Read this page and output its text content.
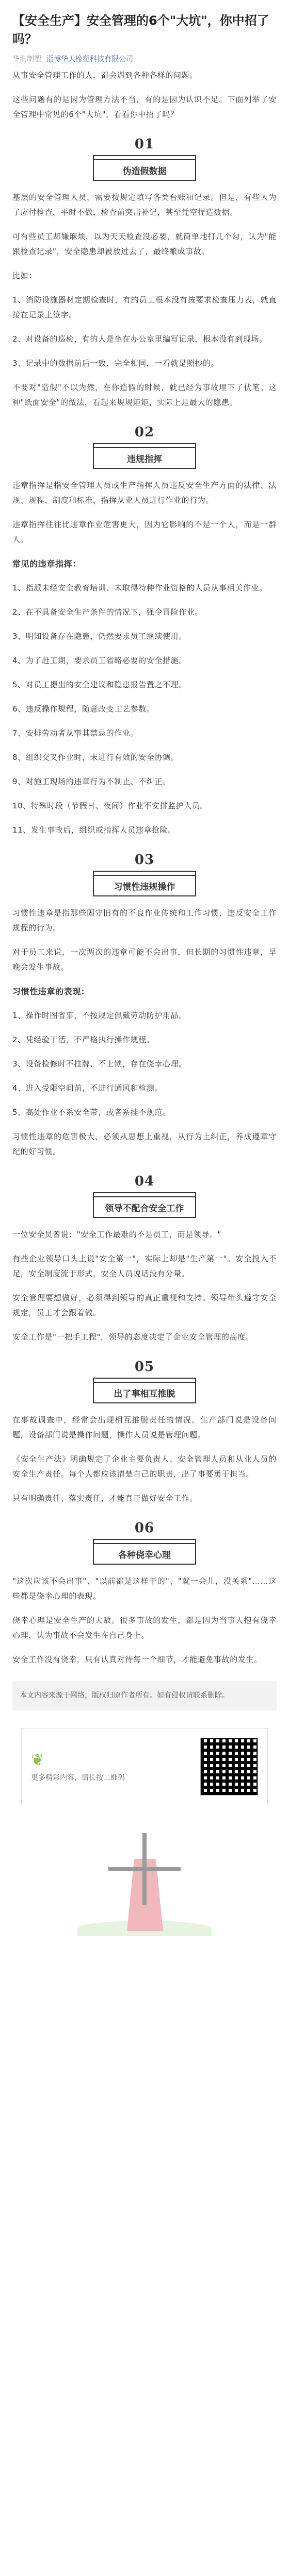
【安全生产】安全管理的6个"大坑"，你中招了吗？
华润制塑 淄博华天橡塑科技有限公司

从事安全管理工作的人，都会遇到各种各样的问题。

这些问题有的是因为管理方法不当，有的是因为认识不足。下面列举了安全管理中常见的6个"大坑"，看看你中招了吗？

01
伪造假数据

基层的安全管理人员，需要按规定填写各类台账和记录。但是，有些人为了应付检查，平时不做，检查前突击补记，甚至凭空捏造数据。

可有些员工却嫌麻烦，以为天天检查没必要，就简单地打几个勾，认为"能跟检查记录"，安全隐患却被放过去了，最终酿成事故。

比如：

1、消防设施器材定期检查时，有的员工根本没有按要求检查压力表，就直接在记录上签字。

2、对设备的巡检，有的人是坐在办公室里编写记录，根本没有到现场。

3、记录中的数据前后一致、完全相同，一看就是照抄的。

不要对"造假"不以为然，在你造假的时候，就已经为事故埋下了伏笔。这种"纸面安全"的做法，看起来规规矩矩，实际上是最大的隐患。

02
违规指挥

违章指挥是指安全管理人员或生产指挥人员违反安全生产方面的法律、法规、规程、制度和标准，指挥从业人员进行作业的行为。

违章指挥往往比违章作业危害更大，因为它影响的不是一个人，而是一群人。

常见的违章指挥：

1、指派未经安全教育培训、未取得特种作业资格的人员从事相关作业。

2、在不具备安全生产条件的情况下，强令冒险作业。

3、明知设备存在隐患，仍然要求员工继续使用。

4、为了赶工期，要求员工省略必要的安全措施。

5、对员工提出的安全建议和隐患报告置之不理。

6、违反操作规程，随意改变工艺参数。

7、安排劳动者从事其禁忌的作业。

8、组织交叉作业时，未进行有效的安全协调。

9、对施工现场的违章行为不制止、不纠正。

10、特殊时段（节假日、夜间）作业不安排监护人员。

11、发生事故后，组织或指挥人员违章抢险。

03
习惯性违规操作

习惯性违章是指那些固守旧有的不良作业传统和工作习惯，违反安全工作规程的行为。

对于员工来说，一次两次的违章可能不会出事，但长期的习惯性违章，早晚会发生事故。

习惯性违章的表现：

1、操作时图省事，不按规定佩戴劳动防护用品。

2、凭经验干活，不严格执行操作规程。

3、设备检修时不挂牌、不上锁，存在侥幸心理。

4、进入受限空间前，不进行通风和检测。

5、高处作业不系安全带，或者系挂不规范。

习惯性违章的危害极大，必须从思想上重视，从行为上纠正，养成遵章守纪的好习惯。

04
领导不配合安全工作

一位安全员曾说："安全工作最难的不是员工，而是领导。"

有些企业领导口头上说"安全第一"，实际上却是"生产第一"。安全投入不足，安全制度流于形式，安全人员说话没有分量。

安全管理要想做好，必须得到领导的真正重视和支持。领导带头遵守安全规定，员工才会跟着做。

安全工作是"一把手工程"，领导的态度决定了企业安全管理的高度。

05
出了事相互推脱

在事故调查中，经常会出现相互推脱责任的情况。生产部门说是设备问题，设备部门说是操作问题，操作人员说是管理问题。

《安全生产法》明确规定了企业主要负责人、安全管理人员和从业人员的安全生产责任。每个人都应该清楚自己的职责，出了事要勇于担当。

只有明确责任、落实责任，才能真正做好安全工作。

06
各种侥幸心理

"这次应该不会出事"、"以前都是这样干的"、"就一会儿，没关系"……这些都是侥幸心理的表现。

侥幸心理是安全生产的大敌。很多事故的发生，都是因为当事人抱有侥幸心理，认为事故不会发生在自己身上。

安全工作没有侥幸，只有认真对待每一个细节，才能避免事故的发生。

本文内容来源于网络，版权归原作者所有。如有侵权请联系删除。
❦
更多精彩内容，请长按二维码
